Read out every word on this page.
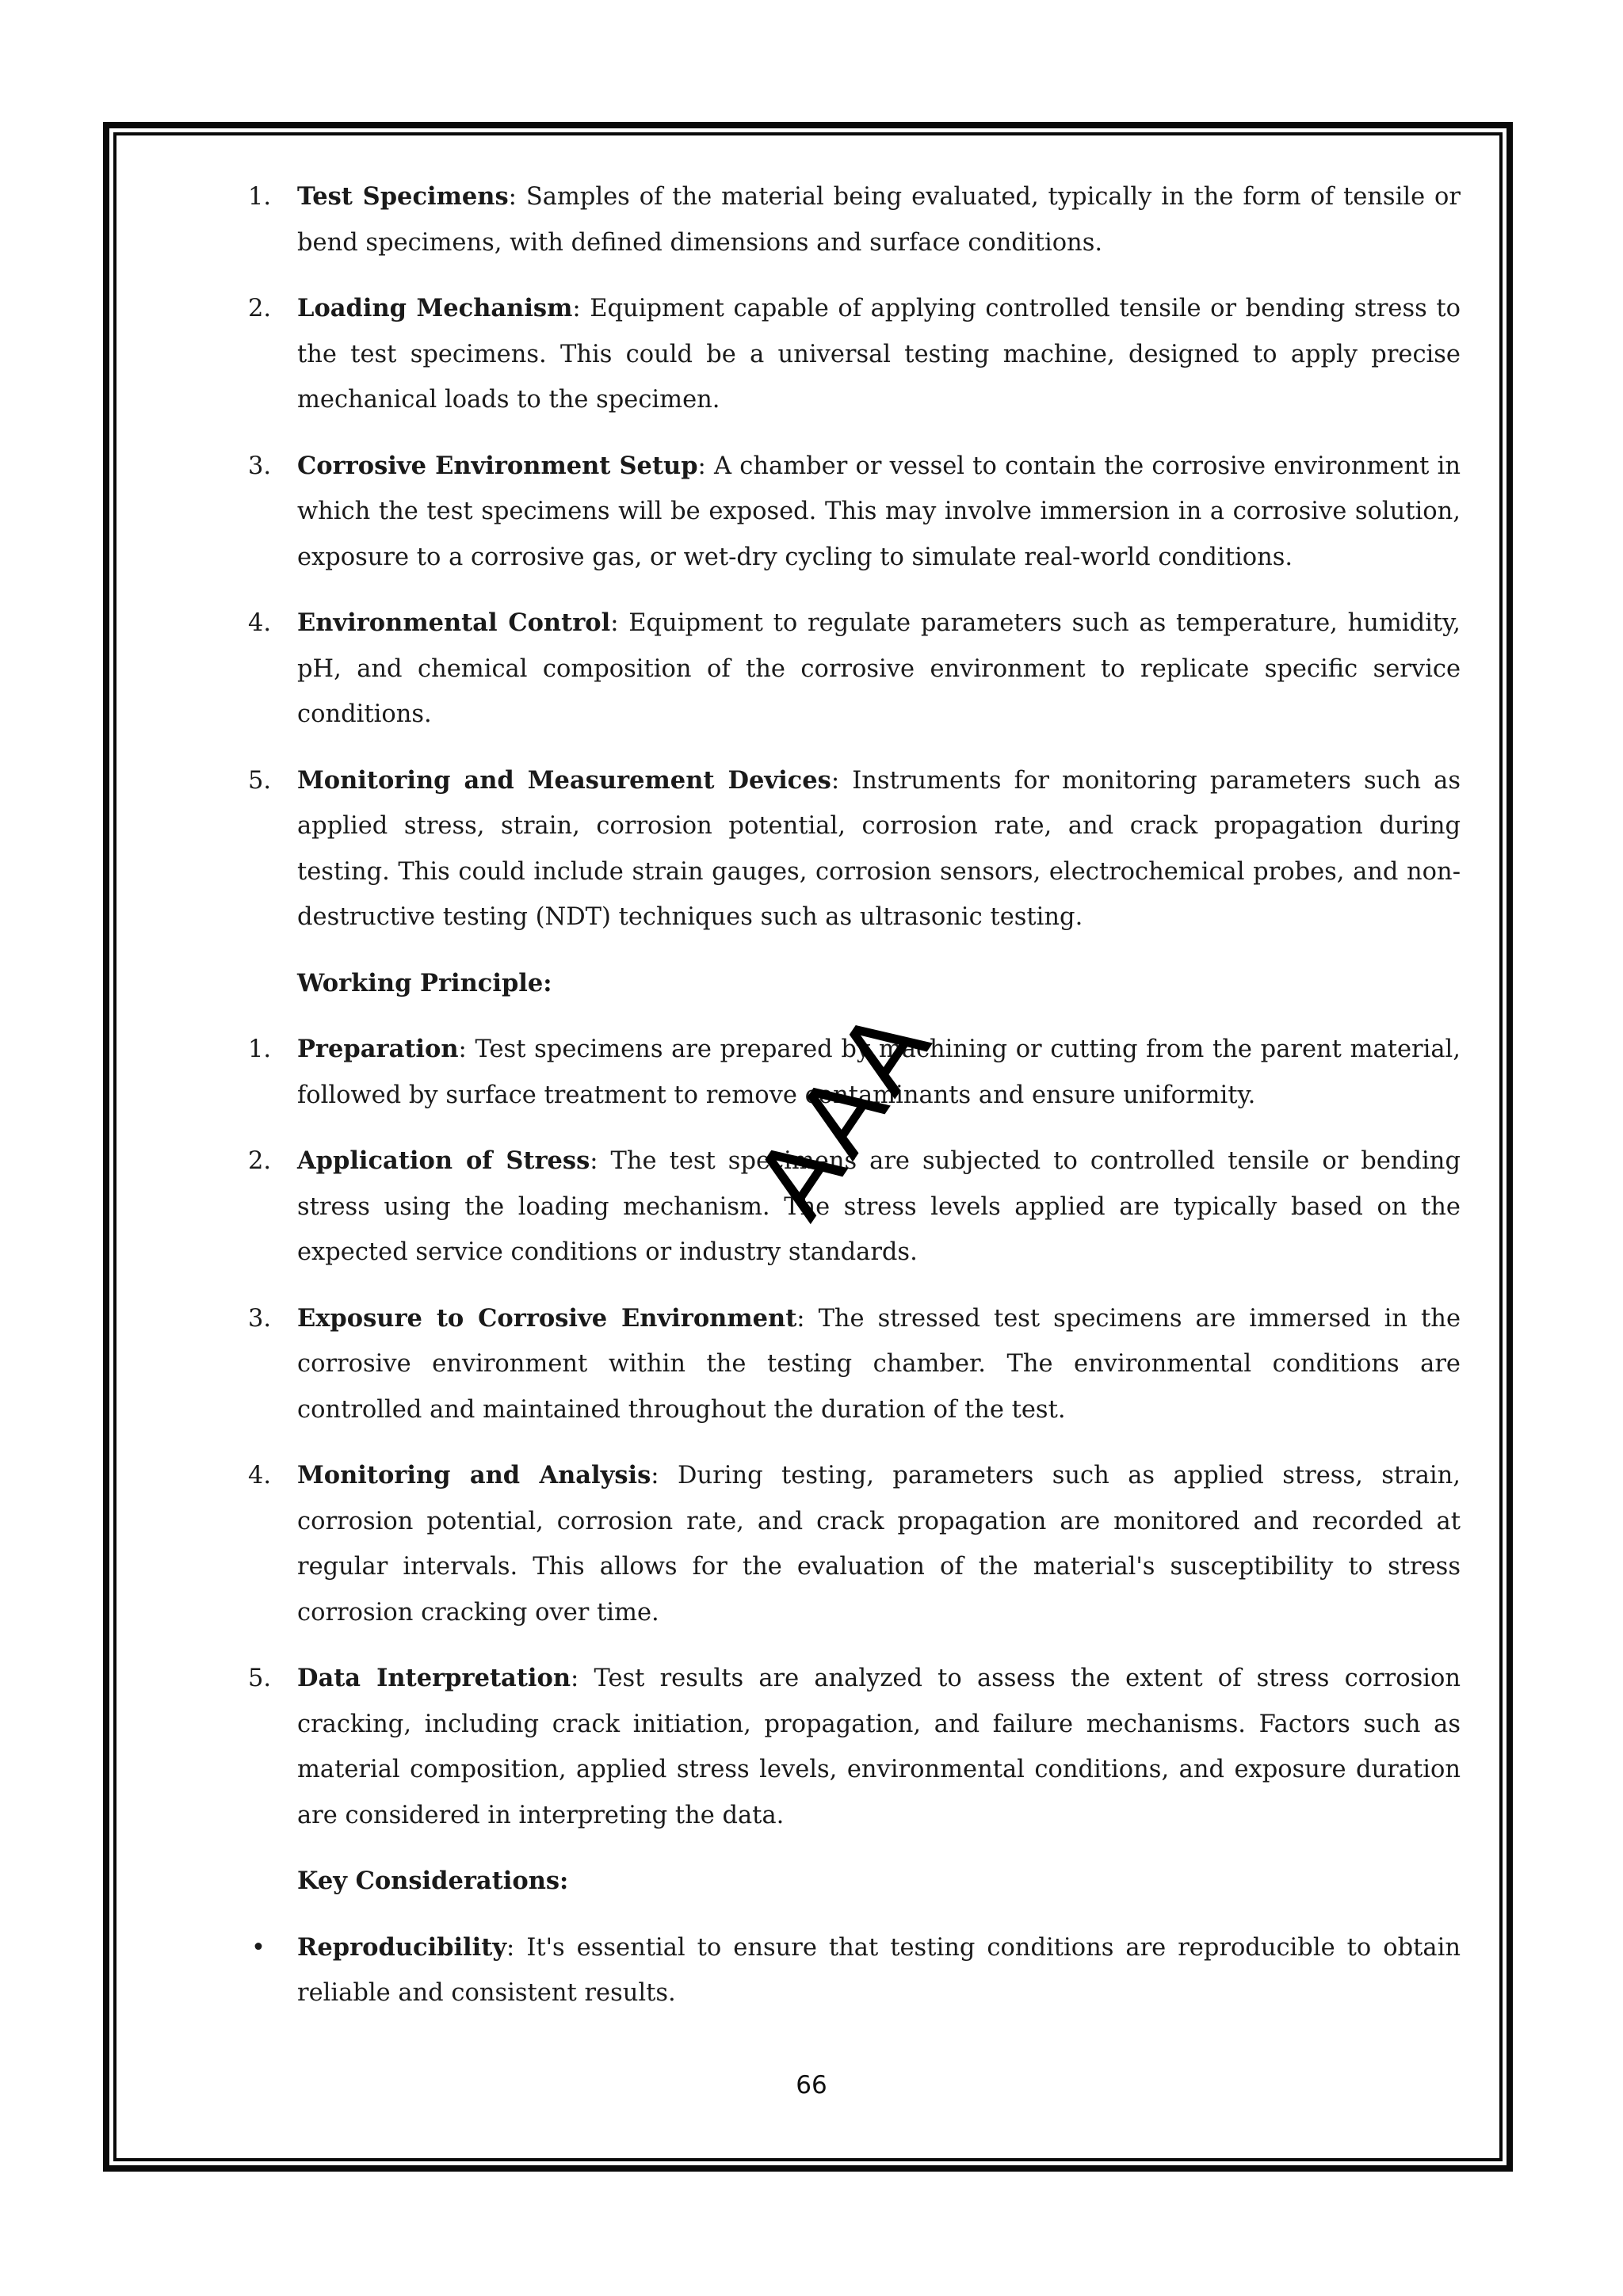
1.	Test Specimens: Samples of the material being evaluated, typically in the form of tensile or bend specimens, with defined dimensions and surface conditions.
2.	Loading Mechanism: Equipment capable of applying controlled tensile or bending stress to the test specimens. This could be a universal testing machine, designed to apply precise mechanical loads to the specimen.
3.	Corrosive Environment Setup: A chamber or vessel to contain the corrosive environment in which the test specimens will be exposed. This may involve immersion in a corrosive solution, exposure to a corrosive gas, or wet-dry cycling to simulate real-world conditions.
4.	Environmental Control: Equipment to regulate parameters such as temperature, humidity, pH, and chemical composition of the corrosive environment to replicate specific service conditions.
5.	Monitoring and Measurement Devices: Instruments for monitoring parameters such as applied stress, strain, corrosion potential, corrosion rate, and crack propagation during testing. This could include strain gauges, corrosion sensors, electrochemical probes, and non-destructive testing (NDT) techniques such as ultrasonic testing.
Working Principle:
1.	Preparation: Test specimens are prepared by machining or cutting from the parent material, followed by surface treatment to remove contaminants and ensure uniformity.
2.	Application of Stress: The test specimens are subjected to controlled tensile or bending stress using the loading mechanism. The stress levels applied are typically based on the expected service conditions or industry standards.
3.	Exposure to Corrosive Environment: The stressed test specimens are immersed in the corrosive environment within the testing chamber. The environmental conditions are controlled and maintained throughout the duration of the test.
4.	Monitoring and Analysis: During testing, parameters such as applied stress, strain, corrosion potential, corrosion rate, and crack propagation are monitored and recorded at regular intervals. This allows for the evaluation of the material's susceptibility to stress corrosion cracking over time.
5.	Data Interpretation: Test results are analyzed to assess the extent of stress corrosion cracking, including crack initiation, propagation, and failure mechanisms. Factors such as material composition, applied stress levels, environmental conditions, and exposure duration are considered in interpreting the data.
Key Considerations:
• Reproducibility: It's essential to ensure that testing conditions are reproducible to obtain reliable and consistent results.
AAA
66
